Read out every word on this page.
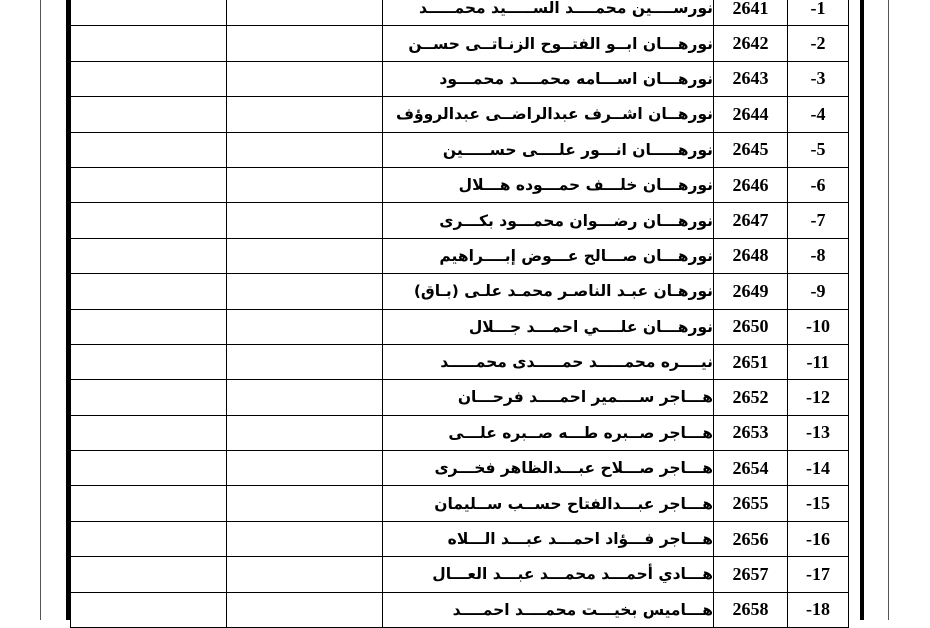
		نورســــين محمــــد الســـــيد محمـــــد	2641	-1
		نورهـــان ابــو الفتــوح الزنـاتــى حســن	2642	-2
		نورهـــان اســـامه محمــــد محمـــود	2643	-3
		نورهــان اشــرف عبدالراضــى عبدالروؤف	2644	-4
		نورهـــــان انـــور علــــى حســـــين	2645	-5
		نورهـــان خلـــف حمـــوده هـــلال	2646	-6
		نورهـــان رضـــوان محمـــود بكـــرى	2647	-7
		نورهـــان صـــالح عـــوض إبــــراهيم	2648	-8
		نورهـان عبـد الناصـر محمـد علـى (بـاق)	2649	-9
		نورهـــان علــــي احمـــد جـــلال	2650	-10
		نيــــره محمـــــد حمـــــدى محمـــــد	2651	-11
		هـــاجر ســــمير احمــــد فرحـــان	2652	-12
		هـــاجر صــبره طـــه صــبره علـــى	2653	-13
		هـــاجر صـــلاح عبـــدالظاهر فخـــرى	2654	-14
		هـــاجر عبـــدالفتاح حســب ســليمان	2655	-15
		هـــاجر فـــؤاد احمـــد عبـــد الـــلاه	2656	-16
		هـــادي أحمـــد محمـــد عبـــد العـــال	2657	-17
		هـــاميس بخيـــت محمــــد احمــــد	2658	-18
